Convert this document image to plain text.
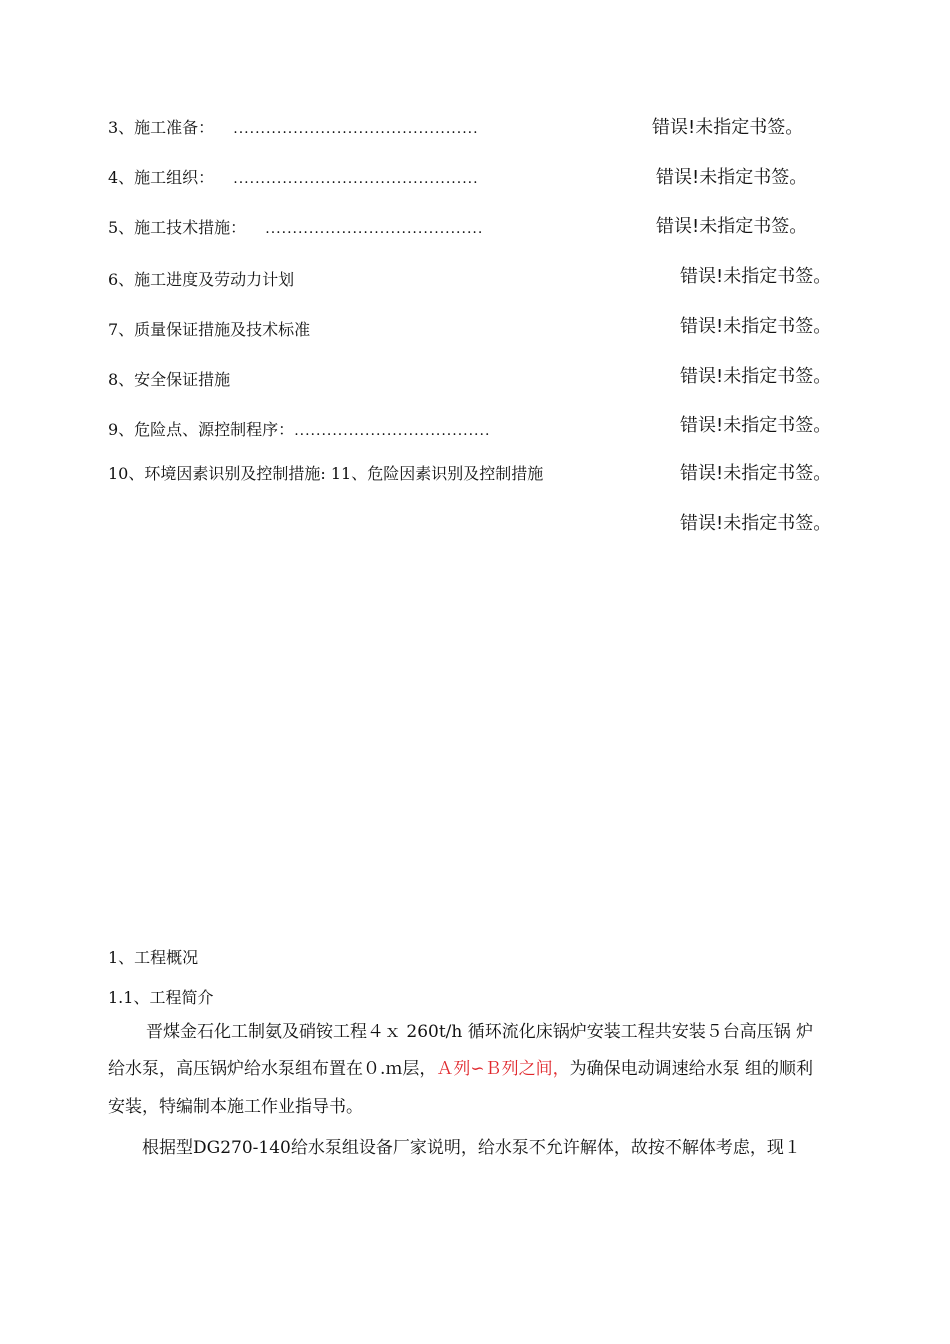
3、施工准备： .............................................	错误!未指定书签。
4、施工组织： .............................................	错误!未指定书签。
5、施工技术措施： ........................................	错误!未指定书签。
6、施工进度及劳动力计划	错误!未指定书签。
7、质量保证措施及技术标准	错误!未指定书签。
8、安全保证措施	错误!未指定书签。
9、危险点、源控制程序：....................................	错误!未指定书签。
10、环境因素识别及控制措施: 11、危险因素识别及控制措施	错误!未指定书签。
错误!未指定书签。
1、工程概况
1.1、工程简介
晋煤金石化工制氨及硝铵工程４ｘ 260t/h 循环流化床锅炉安装工程共安装５台高压锅 炉
给水泵，高压锅炉给水泵组布置在０.ｍ层，Ａ列∽Ｂ列之间，为确保电动调速给水泵 组的顺利
安装，特编制本施工作业指导书。
根据型DG270-140给水泵组设备厂家说明，给水泵不允许解体，故按不解体考虑，现１
